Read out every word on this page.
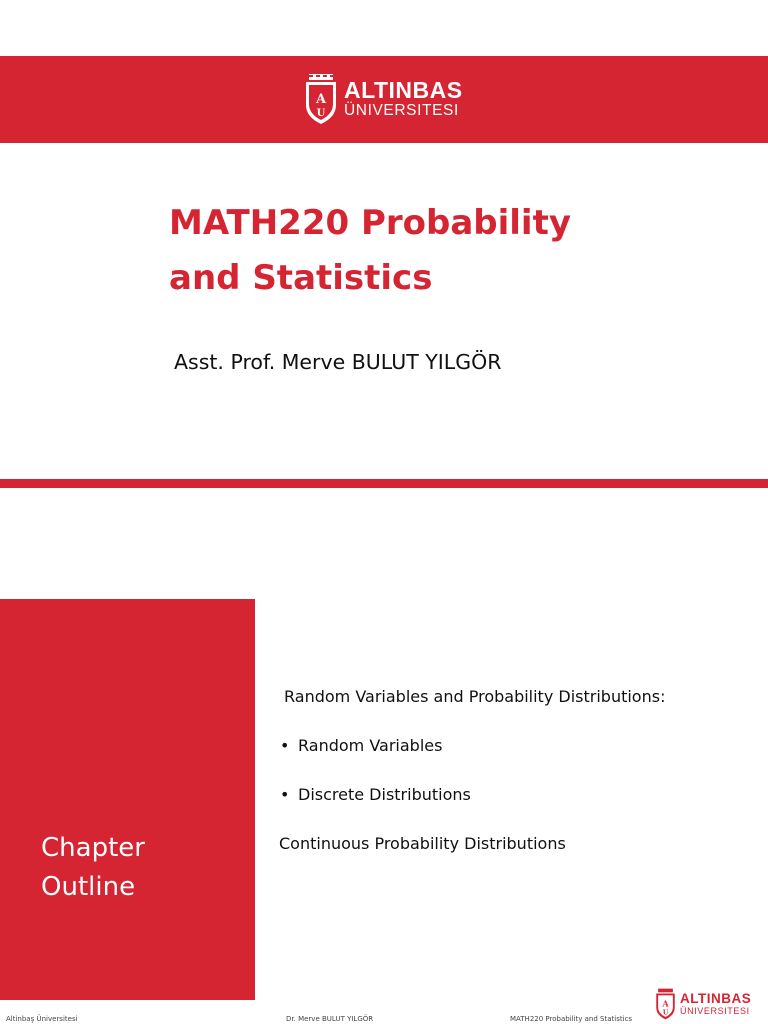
A
U
ALTINBAS
ÜNIVERSITESI
MATH220 Probability
and Statistics
Asst. Prof. Merve BULUT YILGÖR
Chapter
Outline
Random Variables and Probability Distributions:
• Random Variables
• Discrete Distributions
Continuous Probability Distributions
Altinbaş Üniversitesi	Dr. Merve BULUT YILGÖR	MATH220 Probability and Statistics
A
U
ALTINBAS
ÜNIVERSITESI
